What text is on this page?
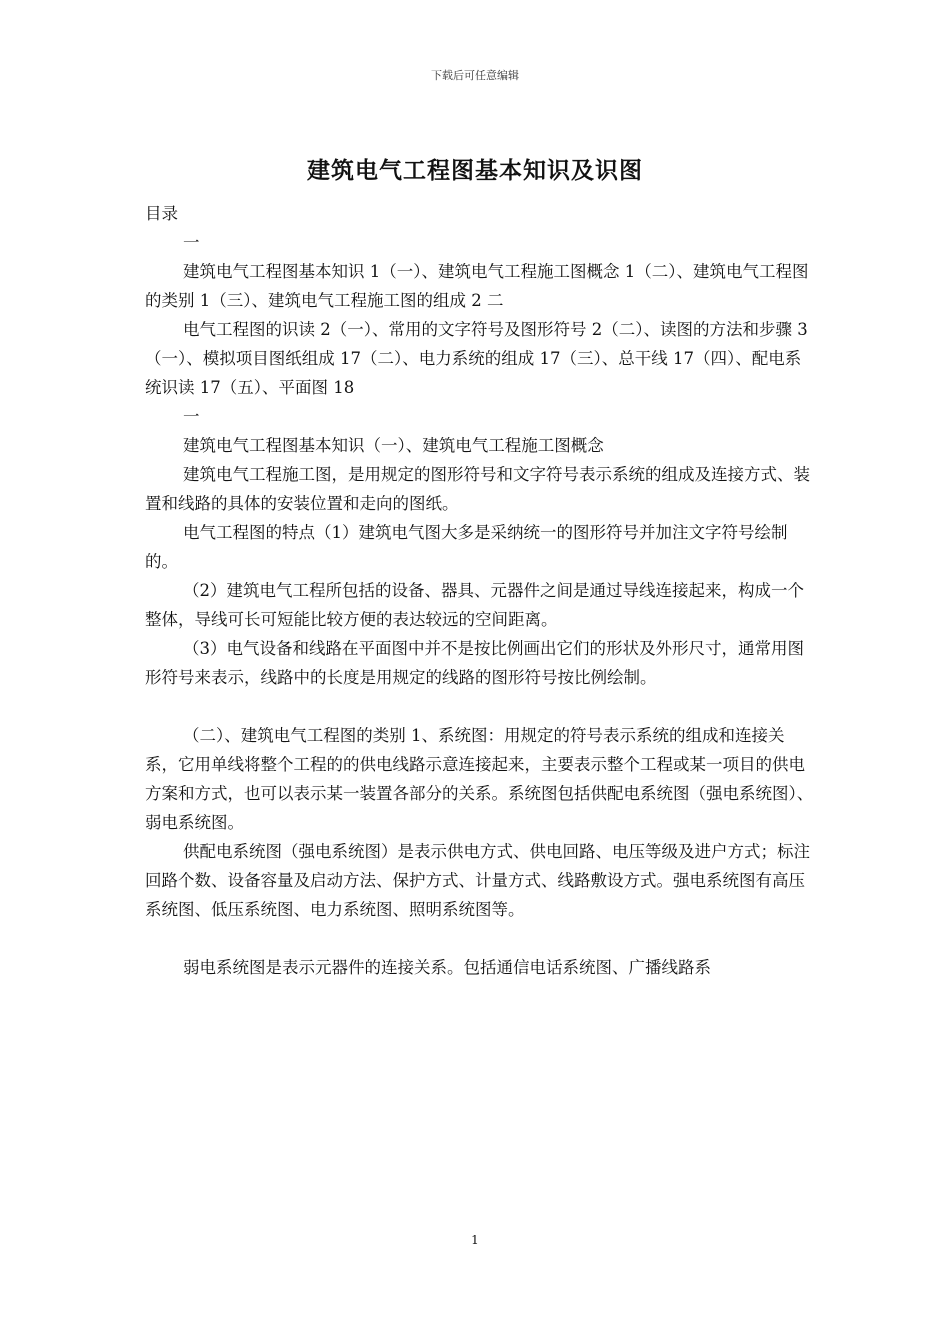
下载后可任意编辑
建筑电气工程图基本知识及识图

目录

一

建筑电气工程图基本知识 1（一）、建筑电气工程施工图概念 1（二）、建筑电气工程图的类别 1（三）、建筑电气工程施工图的组成 2 二

电气工程图的识读 2（一）、常用的文字符号及图形符号 2（二）、读图的方法和步骤 3（一）、模拟项目图纸组成 17（二）、电力系统的组成 17（三）、总干线 17（四）、配电系统识读 17（五）、平面图 18

一

建筑电气工程图基本知识（一）、建筑电气工程施工图概念

建筑电气工程施工图，是用规定的图形符号和文字符号表示系统的组成及连接方式、装置和线路的具体的安装位置和走向的图纸。

电气工程图的特点（1）建筑电气图大多是采纳统一的图形符号并加注文字符号绘制的。

（2）建筑电气工程所包括的设备、器具、元器件之间是通过导线连接起来，构成一个整体，导线可长可短能比较方便的表达较远的空间距离。

（3）电气设备和线路在平面图中并不是按比例画出它们的形状及外形尺寸，通常用图形符号来表示，线路中的长度是用规定的线路的图形符号按比例绘制。

（二）、建筑电气工程图的类别 1、系统图：用规定的符号表示系统的组成和连接关系，它用单线将整个工程的的供电线路示意连接起来，主要表示整个工程或某一项目的供电方案和方式，也可以表示某一装置各部分的关系。系统图包括供配电系统图（强电系统图）、弱电系统图。

供配电系统图（强电系统图）是表示供电方式、供电回路、电压等级及进户方式；标注回路个数、设备容量及启动方法、保护方式、计量方式、线路敷设方式。强电系统图有高压系统图、低压系统图、电力系统图、照明系统图等。

弱电系统图是表示元器件的连接关系。包括通信电话系统图、广播线路系

1
